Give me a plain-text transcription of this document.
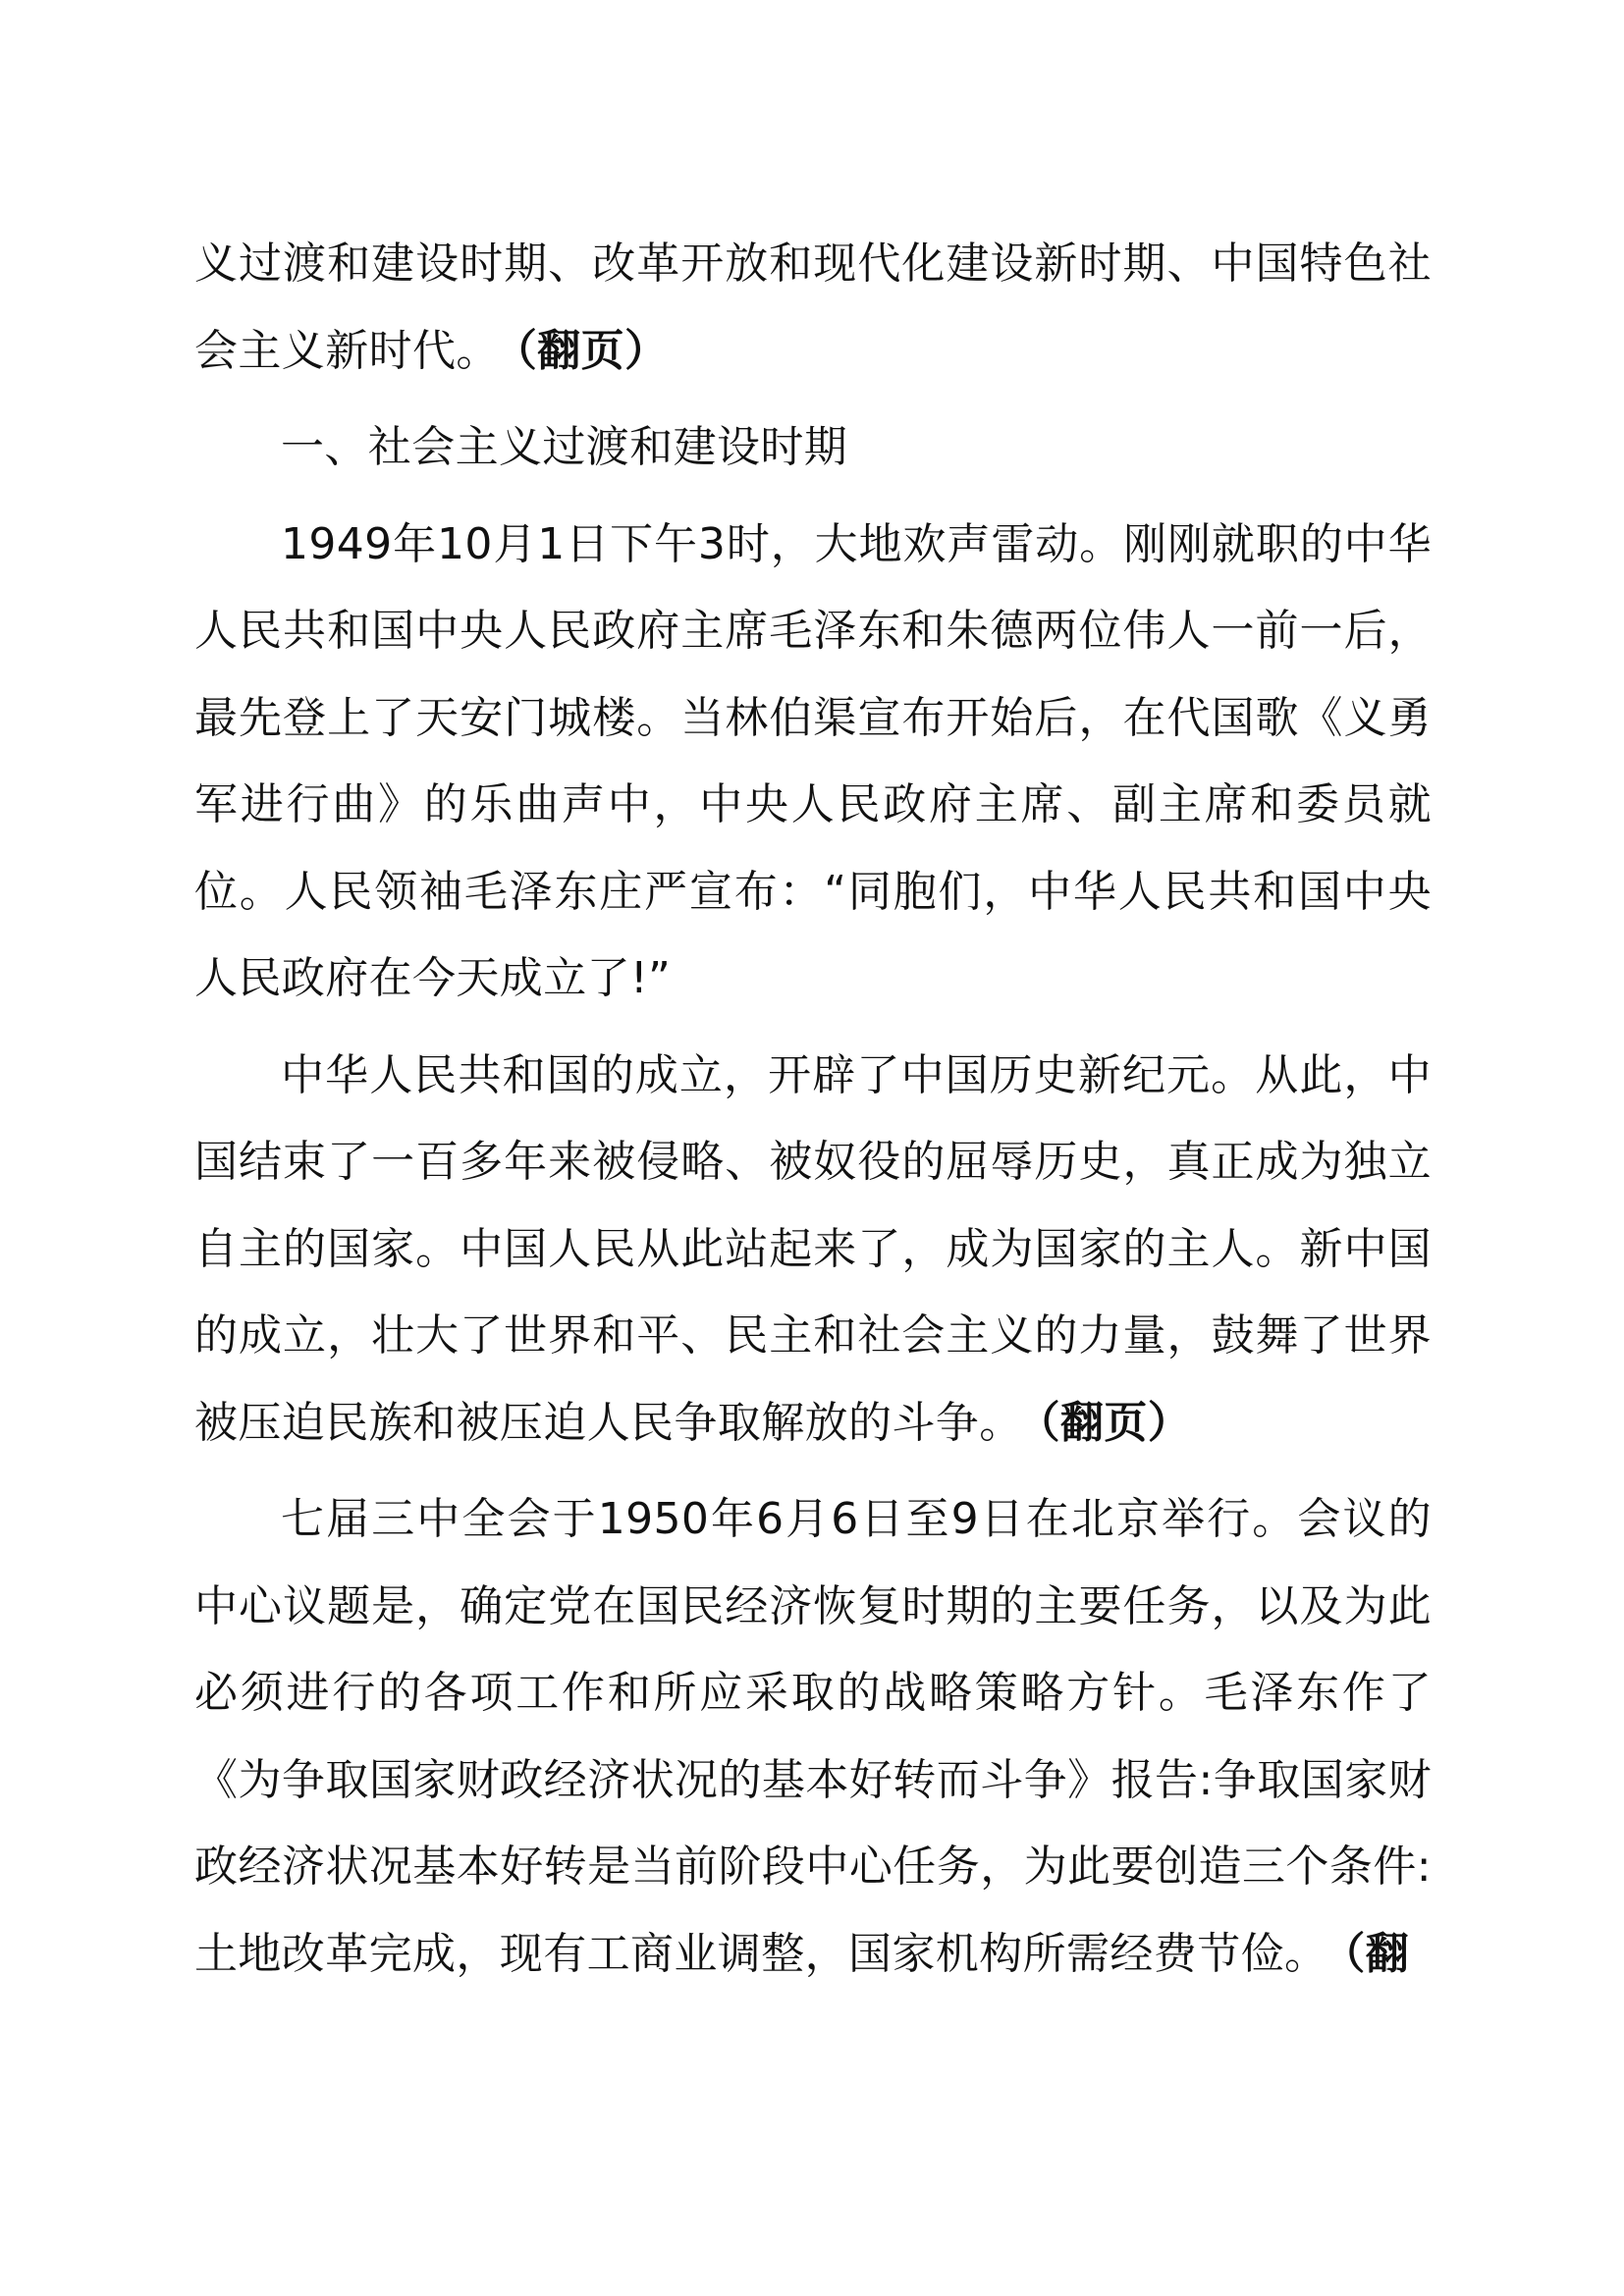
义过渡和建设时期、改革开放和现代化建设新时期、中国特色社会主义新时代。 （翻页）

一、社会主义过渡和建设时期

1949年10月1日下午3时，大地欢声雷动。刚刚就职的中华人民共和国中央人民政府主席毛泽东和朱德两位伟人一前一后，最先登上了天安门城楼。当林伯渠宣布开始后，在代国歌《义勇军进行曲》的乐曲声中，中央人民政府主席、副主席和委员就位。人民领袖毛泽东庄严宣布：“同胞们，中华人民共和国中央人民政府在今天成立了!”

中华人民共和国的成立，开辟了中国历史新纪元。从此，中国结束了一百多年来被侵略、被奴役的屈辱历史，真正成为独立自主的国家。中国人民从此站起来了，成为国家的主人。新中国的成立，壮大了世界和平、民主和社会主义的力量，鼓舞了世界被压迫民族和被压迫人民争取解放的斗争。 （翻页）

七届三中全会于1950年6月6日至9日在北京举行。会议的中心议题是，确定党在国民经济恢复时期的主要任务，以及为此必须进行的各项工作和所应采取的战略策略方针。毛泽东作了《为争取国家财政经济状况的基本好转而斗争》报告:争取国家财政经济状况基本好转是当前阶段中心任务，为此要创造三个条件:土地改革完成，现有工商业调整，国家机构所需经费节俭。 （翻
